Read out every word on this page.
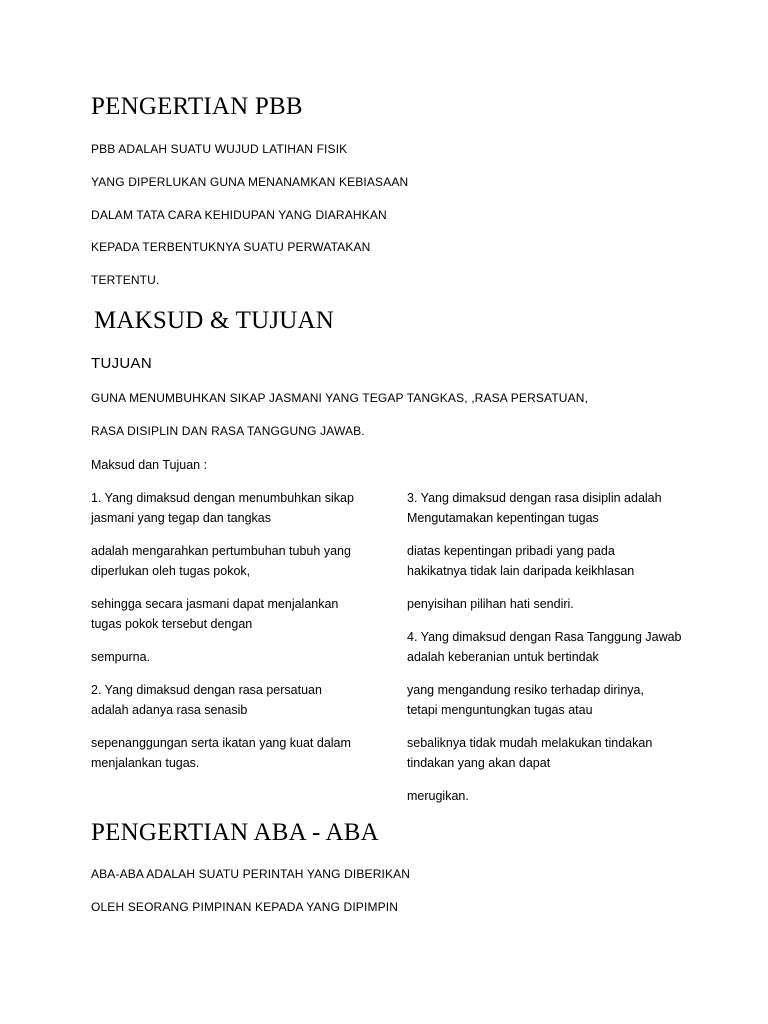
PENGERTIAN PBB

PBB ADALAH SUATU WUJUD LATIHAN FISIK

YANG DIPERLUKAN GUNA MENANAMKAN KEBIASAAN

DALAM TATA CARA KEHIDUPAN YANG DIARAHKAN

KEPADA TERBENTUKNYA SUATU PERWATAKAN

TERTENTU.

MAKSUD & TUJUAN
TUJUAN

GUNA MENUMBUHKAN SIKAP JASMANI YANG TEGAP TANGKAS, ,RASA PERSATUAN,

RASA DISIPLIN DAN RASA TANGGUNG JAWAB.

Maksud dan Tujuan :

1. Yang dimaksud dengan menumbuhkan sikap
jasmani yang tegap dan tangkas
adalah mengarahkan pertumbuhan tubuh yang
diperlukan oleh tugas pokok,
sehingga secara jasmani dapat menjalankan
tugas pokok tersebut dengan
sempurna.
2. Yang dimaksud dengan rasa persatuan
adalah adanya rasa senasib
sepenanggungan serta ikatan yang kuat dalam
menjalankan tugas.
3. Yang dimaksud dengan rasa disiplin adalah
Mengutamakan kepentingan tugas
diatas kepentingan pribadi yang pada
hakikatnya tidak lain daripada keikhlasan
penyisihan pilihan hati sendiri.
4. Yang dimaksud dengan Rasa Tanggung Jawab
adalah keberanian untuk bertindak
yang mengandung resiko terhadap dirinya,
tetapi menguntungkan tugas atau
sebaliknya tidak mudah melakukan tindakan
tindakan yang akan dapat
merugikan.
PENGERTIAN ABA - ABA

ABA-ABA ADALAH SUATU PERINTAH YANG DIBERIKAN

OLEH SEORANG PIMPINAN KEPADA YANG DIPIMPIN
